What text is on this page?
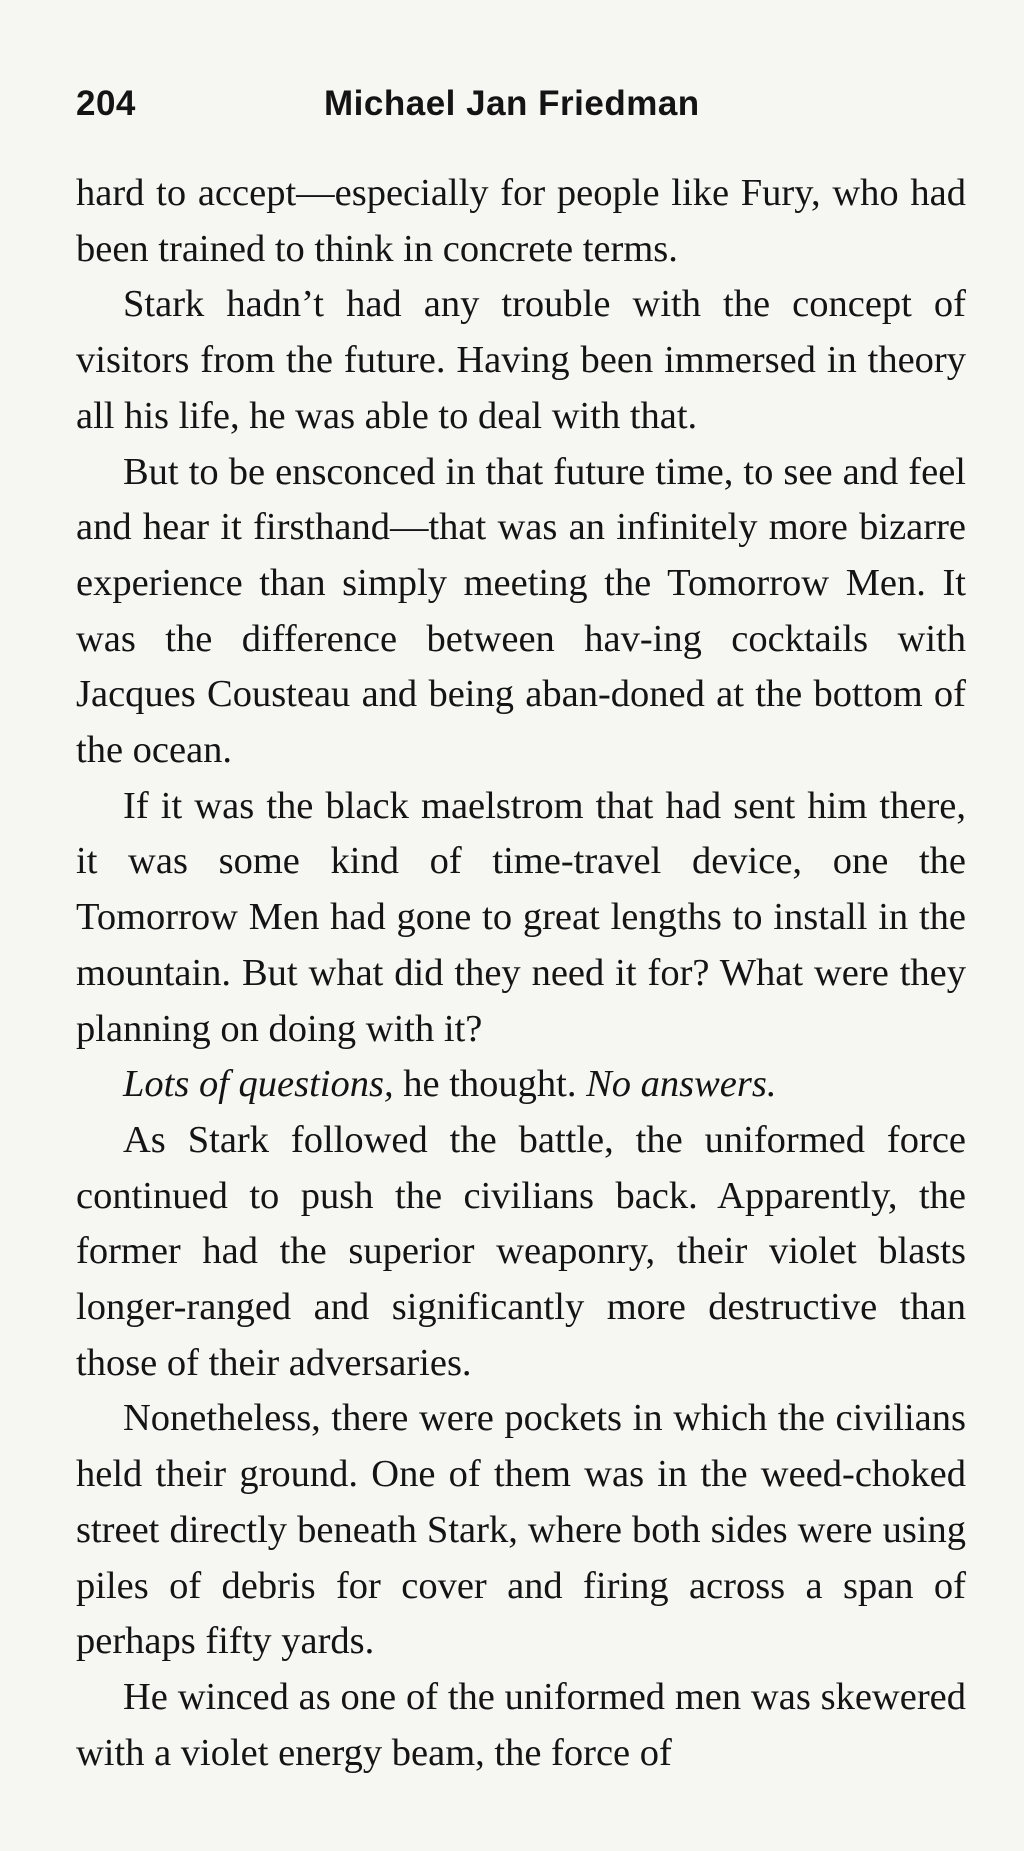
204	Michael Jan Friedman

hard to accept—especially for people like Fury, who had been trained to think in concrete terms.

Stark hadn’t had any trouble with the concept of visitors from the future. Having been immersed in theory all his life, he was able to deal with that.

But to be ensconced in that future time, to see and feel and hear it firsthand—that was an infinitely more bizarre experience than simply meeting the Tomorrow Men. It was the difference between hav-ing cocktails with Jacques Cousteau and being aban-doned at the bottom of the ocean.

If it was the black maelstrom that had sent him there, it was some kind of time-travel device, one the Tomorrow Men had gone to great lengths to install in the mountain. But what did they need it for? What were they planning on doing with it?

Lots of questions, he thought. No answers.

As Stark followed the battle, the uniformed force continued to push the civilians back. Apparently, the former had the superior weaponry, their violet blasts longer-ranged and significantly more destructive than those of their adversaries.

Nonetheless, there were pockets in which the civilians held their ground. One of them was in the weed-choked street directly beneath Stark, where both sides were using piles of debris for cover and firing across a span of perhaps fifty yards.

He winced as one of the uniformed men was skewered with a violet energy beam, the force of
